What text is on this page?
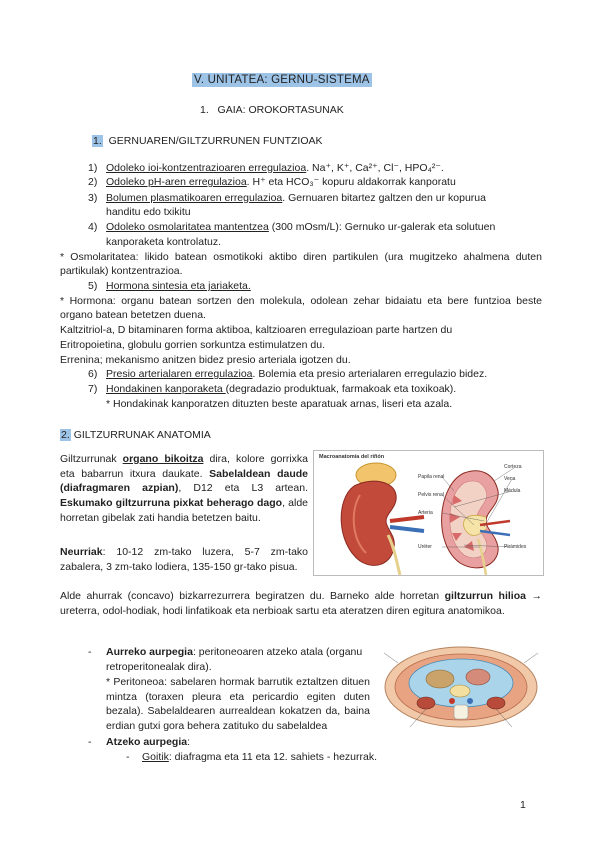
V. UNITATEA: GERNU-SISTEMA
1. GAIA: OROKORTASUNAK
1. GERNUAREN/GILTZURRUNEN FUNTZIOAK
1) Odoleko ioi-kontzentrazioaren erregulazioa. Na⁺, K⁺, Ca²⁺, Cl⁻, HPO₄²⁻.
2) Odoleko pH-aren erregulazioa. H⁺ eta HCO₃⁻ kopuru aldakorrak kanporatu
3) Bolumen plasmatikoaren erregulazioa. Gernuaren bitartez galtzen den ur kopurua
handitu edo txikitu
4) Odoleko osmolaritatea mantentzea (300 mOsm/L): Gernuko ur-galerak eta solutuen
kanporaketa kontrolatuz.
* Osmolaritatea: likido batean osmotikoki aktibo diren partikulen (ura mugitzeko ahalmena duten partikulak) kontzentrazioa.
5) Hormona sintesia eta jariaketa.
* Hormona: organu batean sortzen den molekula, odolean zehar bidaiatu eta bere funtzioa beste organo batean betetzen duena.
Kaltzitriol-a, D bitaminaren forma aktiboa, kaltzioaren erregulazioan parte hartzen du
Eritropoietina, globulu gorrien sorkuntza estimulatzen du.
Errenina; mekanismo anitzen bidez presio arteriala igotzen du.
6) Presio arterialaren erregulazioa. Bolemia eta presio arterialaren erregulazio bidez.
7) Hondakinen kanporaketa (degradazio produktuak, farmakoak eta toxikoak).
* Hondakinak kanporatzen dituzten beste aparatuak arnas, liseri eta azala.
2. GILTZURRUNAK ANATOMIA
Giltzurrunak organo bikoitza dira, kolore gorrixka eta babarrun itxura daukate. Sabelaldean daude (diafragmaren azpian), D12 eta L3 artean. Eskumako giltzurruna pixkat beherago dago, alde horretan gibelak zati handia betetzen baitu.
Neurriak: 10-12 zm-tako luzera, 5-7 zm-tako zabalera, 3 zm-tako lodiera, 135-150 gr-tako pisua.
Alde ahurrak (concavo) bizkarrezurrera begiratzen du. Barneko alde horretan giltzurrun hilioa → ureterra, odol-hodiak, hodi linfatikoak eta nerbioak sartu eta ateratzen diren egitura anatomikoa.
Macroanatomía del riñón
Corteza
Papila renal
Pelvis renal
Vena
Arteria
Uréter
Médula
Pirámides
- Aurreko aurpegia: peritoneoaren atzeko atala (organu retroperitonealak dira).
* Peritoneoa: sabelaren hormak barrutik eztaltzen dituen mintza (toraxen pleura eta pericardio egiten duten bezala). Sabelaldearen aurrealdean kokatzen da, baina erdian gutxi gora behera zatituko du sabelaldea
- Atzeko aurpegia:
- Goitik: diafragma eta 11 eta 12. sahiets - hezurrak.
1
